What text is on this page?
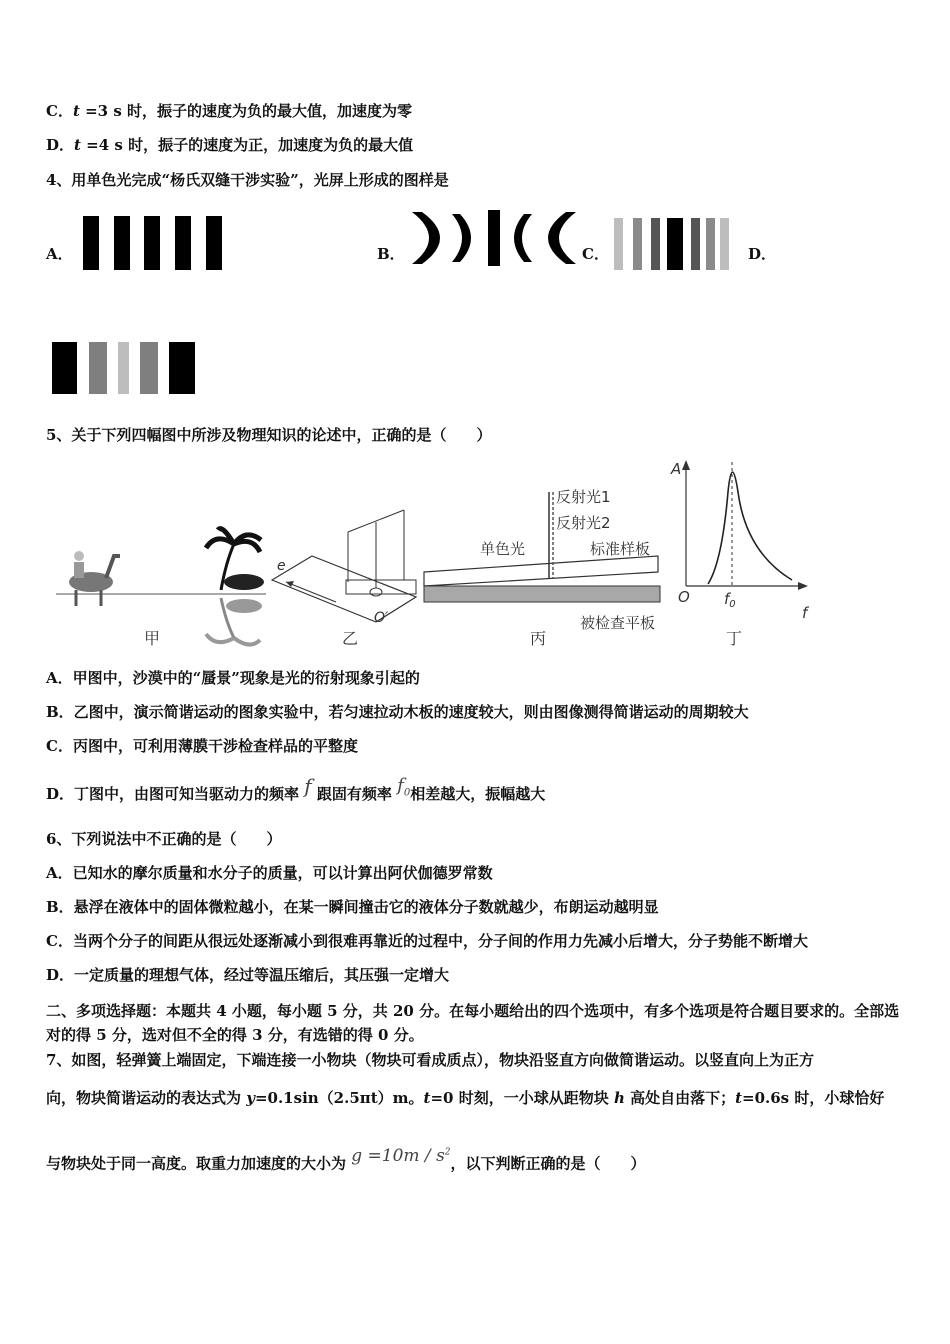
C．t =3 s 时，振子的速度为负的最大值，加速度为零
D．t =4 s 时，振子的速度为正，加速度为负的最大值
4、用单色光完成“杨氏双缝干涉实验”，光屏上形成的图样是
A．	B．	C．	D．
5、关于下列四幅图中所涉及物理知识的论述中，正确的是（　　）
甲
e
O′
乙
反射光1
反射光2
单色光	标准样板
被检查平板
丙
A
O $f_0$	f
丁
A．甲图中，沙漠中的“蜃景”现象是光的衍射现象引起的
B．乙图中，演示简谐运动的图象实验中，若匀速拉动木板的速度较大，则由图像测得简谐运动的周期较大
C．丙图中，可利用薄膜干涉检查样品的平整度
D．丁图中，由图可知当驱动力的频率 f 跟固有频率 $f_0$相差越大，振幅越大
6、下列说法中不正确的是（　　）
A．已知水的摩尔质量和水分子的质量，可以计算出阿伏伽德罗常数
B．悬浮在液体中的固体微粒越小，在某一瞬间撞击它的液体分子数就越少，布朗运动越明显
C．当两个分子的间距从很远处逐渐减小到很难再靠近的过程中，分子间的作用力先减小后增大，分子势能不断增大
D．一定质量的理想气体，经过等温压缩后，其压强一定增大
二、多项选择题：本题共 4 小题，每小题 5 分，共 20 分。在每小题给出的四个选项中，有多个选项是符合题目要求的。全部选对的得 5 分，选对但不全的得 3 分，有选错的得 0 分。
7、如图，轻弹簧上端固定，下端连接一小物块（物块可看成质点），物块沿竖直方向做简谐运动。以竖直向上为正方
向，物块简谐运动的表达式为 y=0.1sin（2.5πt）m。t=0 时刻，一小球从距物块 h 高处自由落下；t=0.6s 时，小球恰好
与物块处于同一高度。取重力加速度的大小为 $g =10m / s^2$，以下判断正确的是（　　）
